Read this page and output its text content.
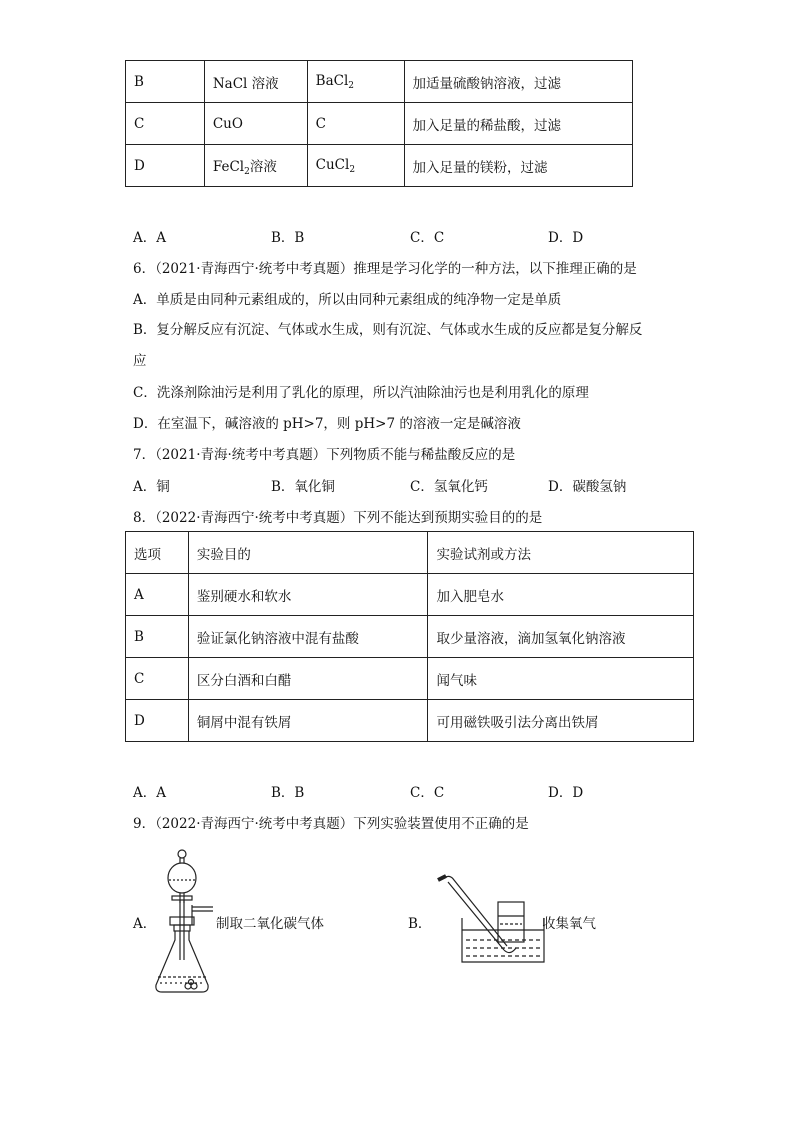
B	NaCl 溶液	BaCl$_2$	加适量硫酸钠溶液，过滤
C	CuO	C	加入足量的稀盐酸，过滤
D	FeCl$_2$溶液	CuCl$_2$	加入足量的镁粉，过滤
A．A	B．B	C．C	D．D
6．（2021·青海西宁·统考中考真题）推理是学习化学的一种方法，以下推理正确的是
A．单质是由同种元素组成的，所以由同种元素组成的纯净物一定是单质
B．复分解反应有沉淀、气体或水生成，则有沉淀、气体或水生成的反应都是复分解反
应
C．洗涤剂除油污是利用了乳化的原理，所以汽油除油污也是利用乳化的原理
D．在室温下，碱溶液的 pH>7，则 pH>7 的溶液一定是碱溶液
7．（2021·青海·统考中考真题）下列物质不能与稀盐酸反应的是
A．铜	B．氧化铜	C．氢氧化钙	D．碳酸氢钠
8．（2022·青海西宁·统考中考真题）下列不能达到预期实验目的的是
选项	实验目的	实验试剂或方法
A	鉴别硬水和软水	加入肥皂水
B	验证氯化钠溶液中混有盐酸	取少量溶液，滴加氢氧化钠溶液
C	区分白酒和白醋	闻气味
D	铜屑中混有铁屑	可用磁铁吸引法分离出铁屑
A．A	B．B	C．C	D．D
9．（2022·青海西宁·统考中考真题）下列实验装置使用不正确的是
A．	B．
制取二氧化碳气体	收集氧气
